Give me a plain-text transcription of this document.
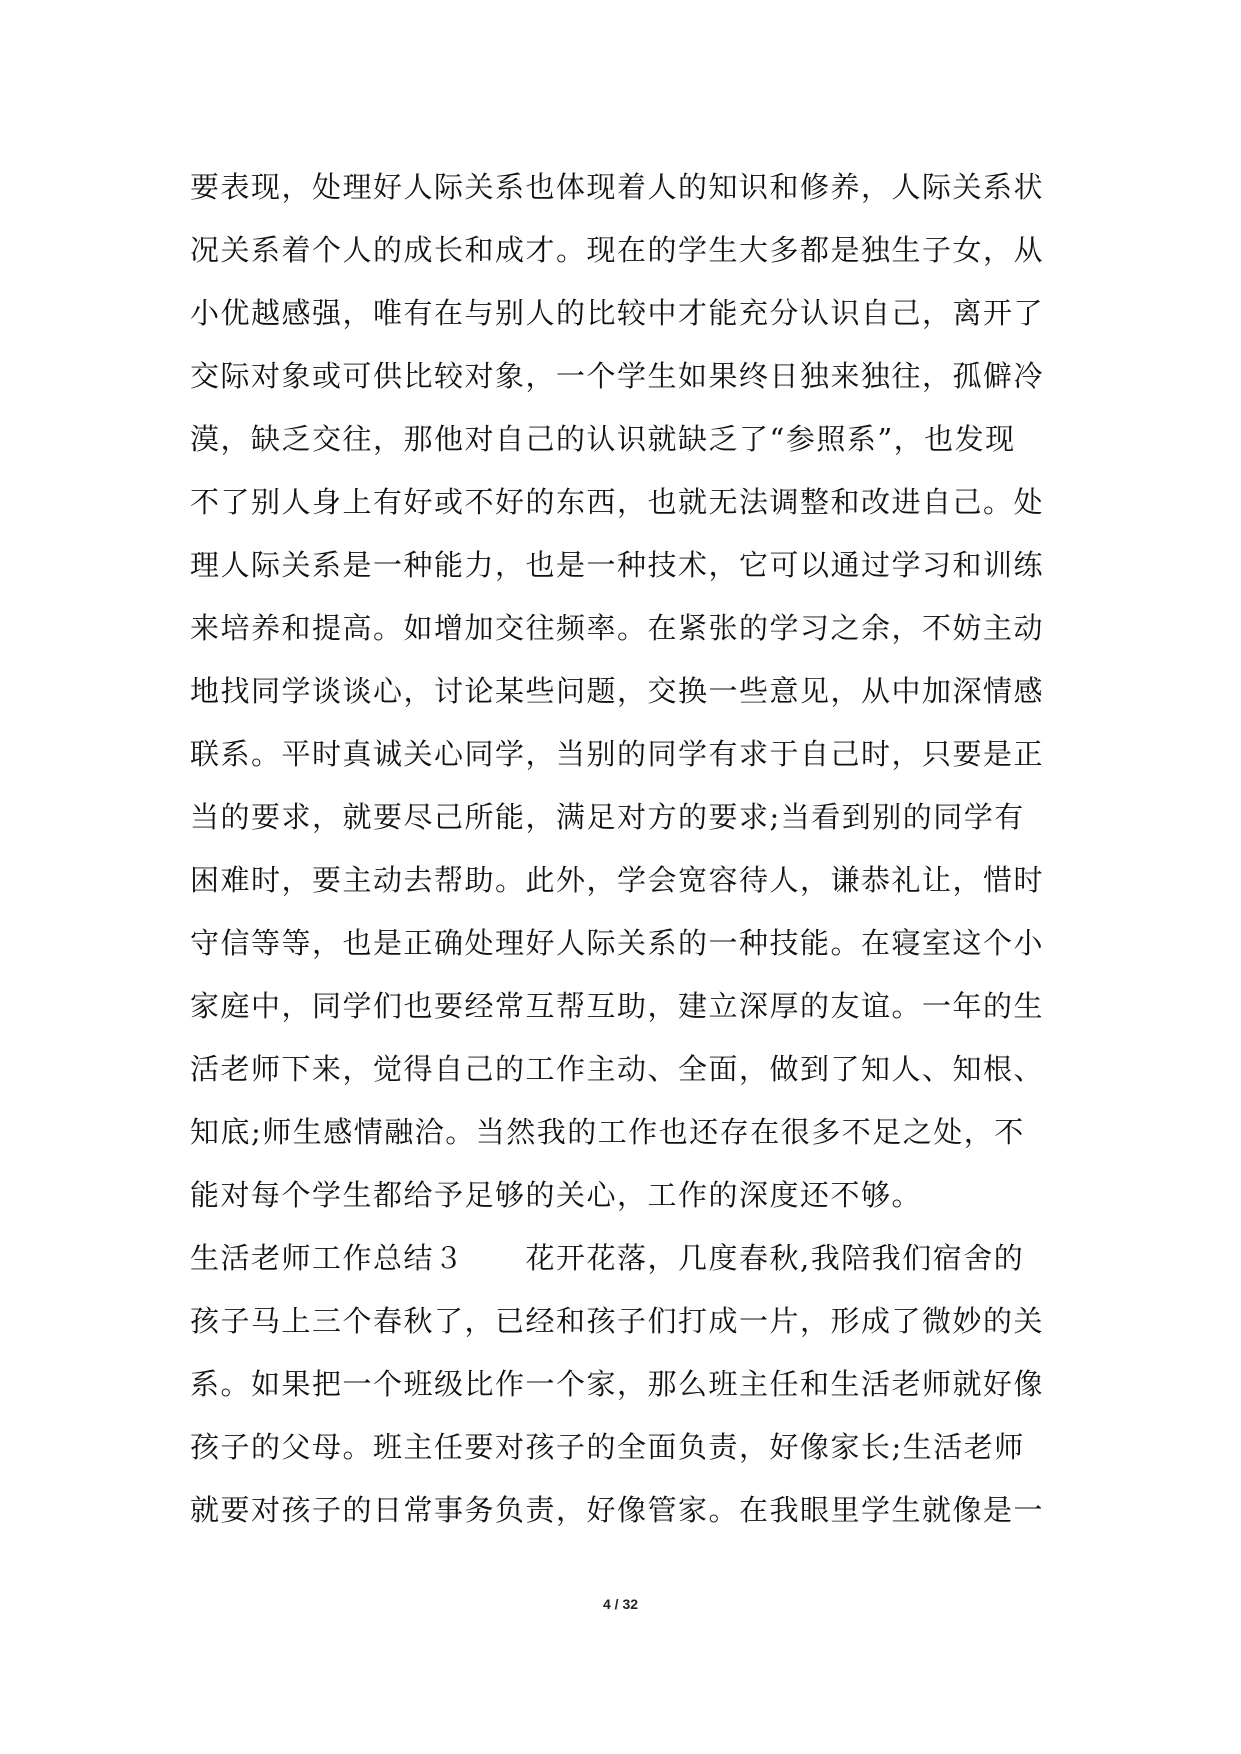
要表现，处理好人际关系也体现着人的知识和修养，人际关系状
况关系着个人的成长和成才。现在的学生大多都是独生子女，从
小优越感强，唯有在与别人的比较中才能充分认识自己，离开了
交际对象或可供比较对象，一个学生如果终日独来独往，孤僻冷
漠，缺乏交往，那他对自己的认识就缺乏了“参照系”，也发现
不了别人身上有好或不好的东西，也就无法调整和改进自己。处
理人际关系是一种能力，也是一种技术，它可以通过学习和训练
来培养和提高。如增加交往频率。在紧张的学习之余，不妨主动
地找同学谈谈心，讨论某些问题，交换一些意见，从中加深情感
联系。平时真诚关心同学，当别的同学有求于自己时，只要是正
当的要求，就要尽己所能，满足对方的要求;当看到别的同学有
困难时，要主动去帮助。此外，学会宽容待人，谦恭礼让，惜时
守信等等，也是正确处理好人际关系的一种技能。在寝室这个小
家庭中，同学们也要经常互帮互助，建立深厚的友谊。一年的生
活老师下来，觉得自己的工作主动、全面，做到了知人、知根、
知底;师生感情融洽。当然我的工作也还存在很多不足之处，不
能对每个学生都给予足够的关心，工作的深度还不够。
生活老师工作总结３　　花开花落，几度春秋,我陪我们宿舍的
孩子马上三个春秋了，已经和孩子们打成一片，形成了微妙的关
系。如果把一个班级比作一个家，那么班主任和生活老师就好像
孩子的父母。班主任要对孩子的全面负责，好像家长;生活老师
就要对孩子的日常事务负责，好像管家。在我眼里学生就像是一
4 / 32
